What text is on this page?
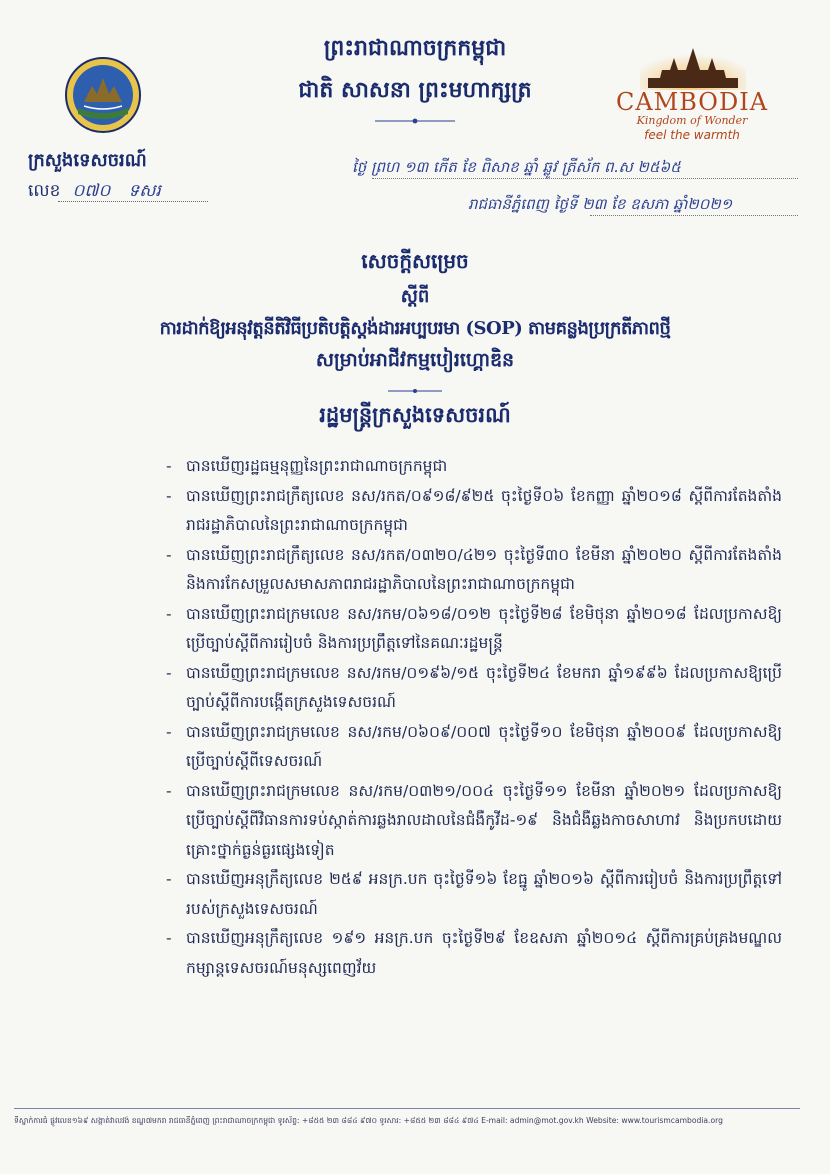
ព្រះរាជាណាចក្រកម្ពុជា
ជាតិ សាសនា ព្រះមហាក្សត្រ
ក្រសួងទេសចរណ៍
លេខ ០៧០ ទសរ
CAMBODIA
Kingdom of Wonder
feel the warmth
ថ្ងៃ ព្រហ ១៣ កើត ខែ ពិសាខ ឆ្នាំ ឆ្លូវ ត្រីស័ក ព.ស ២៥៦៥
រាជធានីភ្នំពេញ ថ្ងៃទី ២៣ ខែ ឧសភា ឆ្នាំ២០២១
សេចក្ដីសម្រេច
ស្ដីពី
ការដាក់ឱ្យអនុវត្តនីតិវិធីប្រតិបត្តិស្តង់ដារអប្បបរមា (SOP) តាមគន្លងប្រក្រតីភាពថ្មី
សម្រាប់អាជីវកម្មបៀរហ្គោឌិន
រដ្ឋមន្ត្រីក្រសួងទេសចរណ៍
- បានឃើញរដ្ឋធម្មនុញ្ញនៃព្រះរាជាណាចក្រកម្ពុជា
- បានឃើញព្រះរាជក្រឹត្យលេខ នស/រកត/០៩១៨/៩២៥ ចុះថ្ងៃទី០៦ ខែកញ្ញា ឆ្នាំ២០១៨ ស្ដីពីការតែងតាំងរាជរដ្ឋាភិបាលនៃព្រះរាជាណាចក្រកម្ពុជា
- បានឃើញព្រះរាជក្រឹត្យលេខ នស/រកត/០៣២០/៤២១ ចុះថ្ងៃទី៣០ ខែមីនា ឆ្នាំ២០២០ ស្ដីពីការតែងតាំង និងការកែសម្រួលសមាសភាពរាជរដ្ឋាភិបាលនៃព្រះរាជាណាចក្រកម្ពុជា
- បានឃើញព្រះរាជក្រមលេខ នស/រកម/០៦១៨/០១២ ចុះថ្ងៃទី២៨ ខែមិថុនា ឆ្នាំ២០១៨ ដែលប្រកាសឱ្យប្រើច្បាប់ស្ដីពីការរៀបចំ និងការប្រព្រឹត្តទៅនៃគណៈរដ្ឋមន្ត្រី
- បានឃើញព្រះរាជក្រមលេខ នស/រកម/០១៩៦/១៥ ចុះថ្ងៃទី២៤ ខែមករា ឆ្នាំ១៩៩៦ ដែលប្រកាសឱ្យប្រើច្បាប់ស្ដីពីការបង្កើតក្រសួងទេសចរណ៍
- បានឃើញព្រះរាជក្រមលេខ នស/រកម/០៦០៩/០០៧ ចុះថ្ងៃទី១០ ខែមិថុនា ឆ្នាំ២០០៩ ដែលប្រកាសឱ្យប្រើច្បាប់ស្ដីពីទេសចរណ៍
- បានឃើញព្រះរាជក្រមលេខ នស/រកម/០៣២១/០០៤ ចុះថ្ងៃទី១១ ខែមីនា ឆ្នាំ២០២១ ដែលប្រកាសឱ្យប្រើច្បាប់ស្ដីពីវិធានការទប់ស្កាត់ការឆ្លងរាលដាលនៃជំងឺកូវីដ-១៩ និងជំងឺឆ្លងកាចសាហាវ និងប្រកបដោយគ្រោះថ្នាក់ធ្ងន់ធ្ងរផ្សេងទៀត
- បានឃើញអនុក្រឹត្យលេខ ២៥៩ អនក្រ.បក ចុះថ្ងៃទី១៦ ខែធ្នូ ឆ្នាំ២០១៦ ស្ដីពីការរៀបចំ និងការប្រព្រឹត្តទៅរបស់ក្រសួងទេសចរណ៍
- បានឃើញអនុក្រឹត្យលេខ ១៩១ អនក្រ.បក ចុះថ្ងៃទី២៩ ខែឧសភា ឆ្នាំ២០១៤ ស្ដីពីការគ្រប់គ្រងមណ្ឌលកម្សាន្តទេសចរណ៍មនុស្សពេញវ័យ
ទីស្នាក់ការធំ ផ្លូវលេខ១៦៩ សង្កាត់វាលវង់ ខណ្ឌ៧មករា រាជធានីភ្នំពេញ ព្រះរាជាណាចក្រកម្ពុជា ទូរស័ព្ទ: +៨៥៥ ២៣ ៨៨៤ ៩៧០ ទូរសារ: +៨៥៥ ២៣ ៨៨៤ ៩៧៤ E-mail: admin@mot.gov.kh Website: www.tourismcambodia.org
